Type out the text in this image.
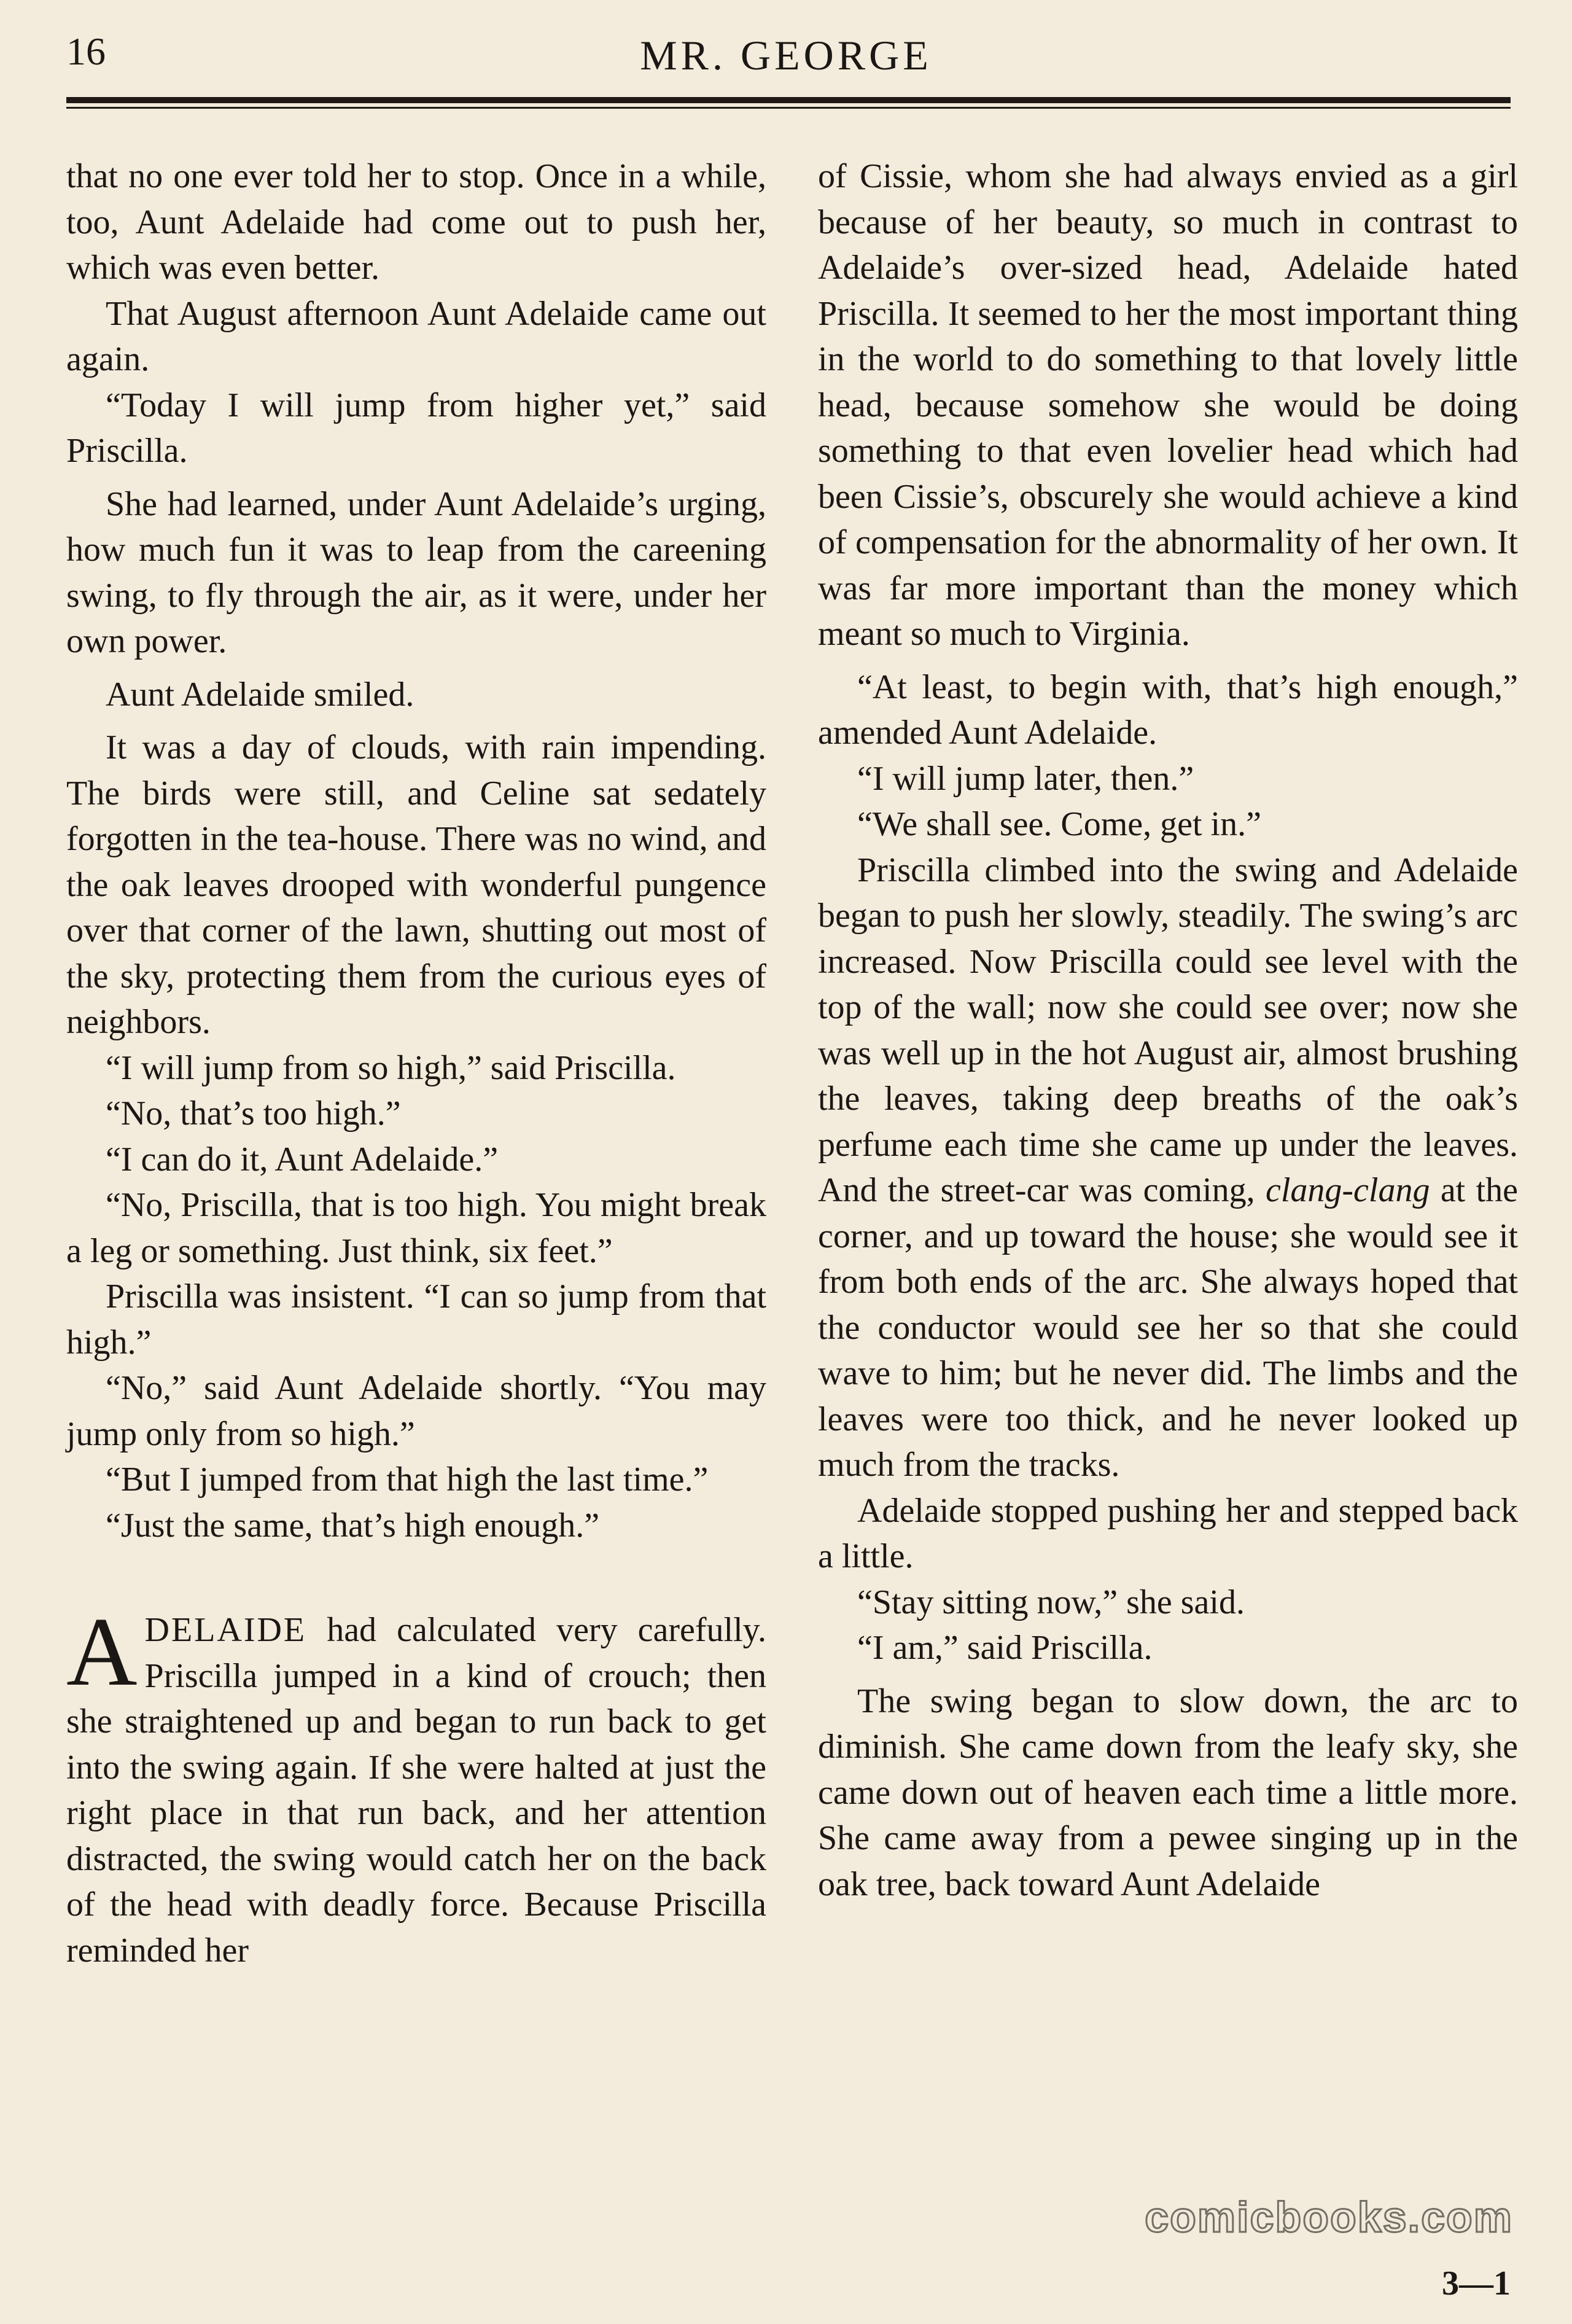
16	MR. GEORGE

that no one ever told her to stop. Once in a while, too, Aunt Adelaide had come out to push her, which was even better.

That August afternoon Aunt Adelaide came out again.

“Today I will jump from higher yet,” said Priscilla.

She had learned, under Aunt Adelaide’s urging, how much fun it was to leap from the careening swing, to fly through the air, as it were, under her own power.

Aunt Adelaide smiled.

It was a day of clouds, with rain impending. The birds were still, and Celine sat sedately forgotten in the tea-house. There was no wind, and the oak leaves drooped with wonderful pungence over that corner of the lawn, shutting out most of the sky, protecting them from the curious eyes of neighbors.

“I will jump from so high,” said Priscilla.

“No, that’s too high.”

“I can do it, Aunt Adelaide.”

“No, Priscilla, that is too high. You might break a leg or something. Just think, six feet.”

Priscilla was insistent. “I can so jump from that high.”

“No,” said Aunt Adelaide shortly. “You may jump only from so high.”

“But I jumped from that high the last time.”

“Just the same, that’s high enough.”

ADELAIDE had calculated very carefully. Priscilla jumped in a kind of crouch; then she straightened up and began to run back to get into the swing again. If she were halted at just the right place in that run back, and her attention distracted, the swing would catch her on the back of the head with deadly force. Because Priscilla reminded her

of Cissie, whom she had always envied as a girl because of her beauty, so much in contrast to Adelaide’s over-sized head, Adelaide hated Priscilla. It seemed to her the most important thing in the world to do something to that lovely little head, because somehow she would be doing something to that even lovelier head which had been Cissie’s, obscurely she would achieve a kind of compensation for the abnormality of her own. It was far more important than the money which meant so much to Virginia.

“At least, to begin with, that’s high enough,” amended Aunt Adelaide.

“I will jump later, then.”

“We shall see. Come, get in.”

Priscilla climbed into the swing and Adelaide began to push her slowly, steadily. The swing’s arc increased. Now Priscilla could see level with the top of the wall; now she could see over; now she was well up in the hot August air, almost brushing the leaves, taking deep breaths of the oak’s perfume each time she came up under the leaves. And the street-car was coming, clang-clang at the corner, and up toward the house; she would see it from both ends of the arc. She always hoped that the conductor would see her so that she could wave to him; but he never did. The limbs and the leaves were too thick, and he never looked up much from the tracks.

Adelaide stopped pushing her and stepped back a little.

“Stay sitting now,” she said.

“I am,” said Priscilla.

The swing began to slow down, the arc to diminish. She came down from the leafy sky, she came down out of heaven each time a little more. She came away from a pewee singing up in the oak tree, back toward Aunt Adelaide

comicbooks.com
3—1
